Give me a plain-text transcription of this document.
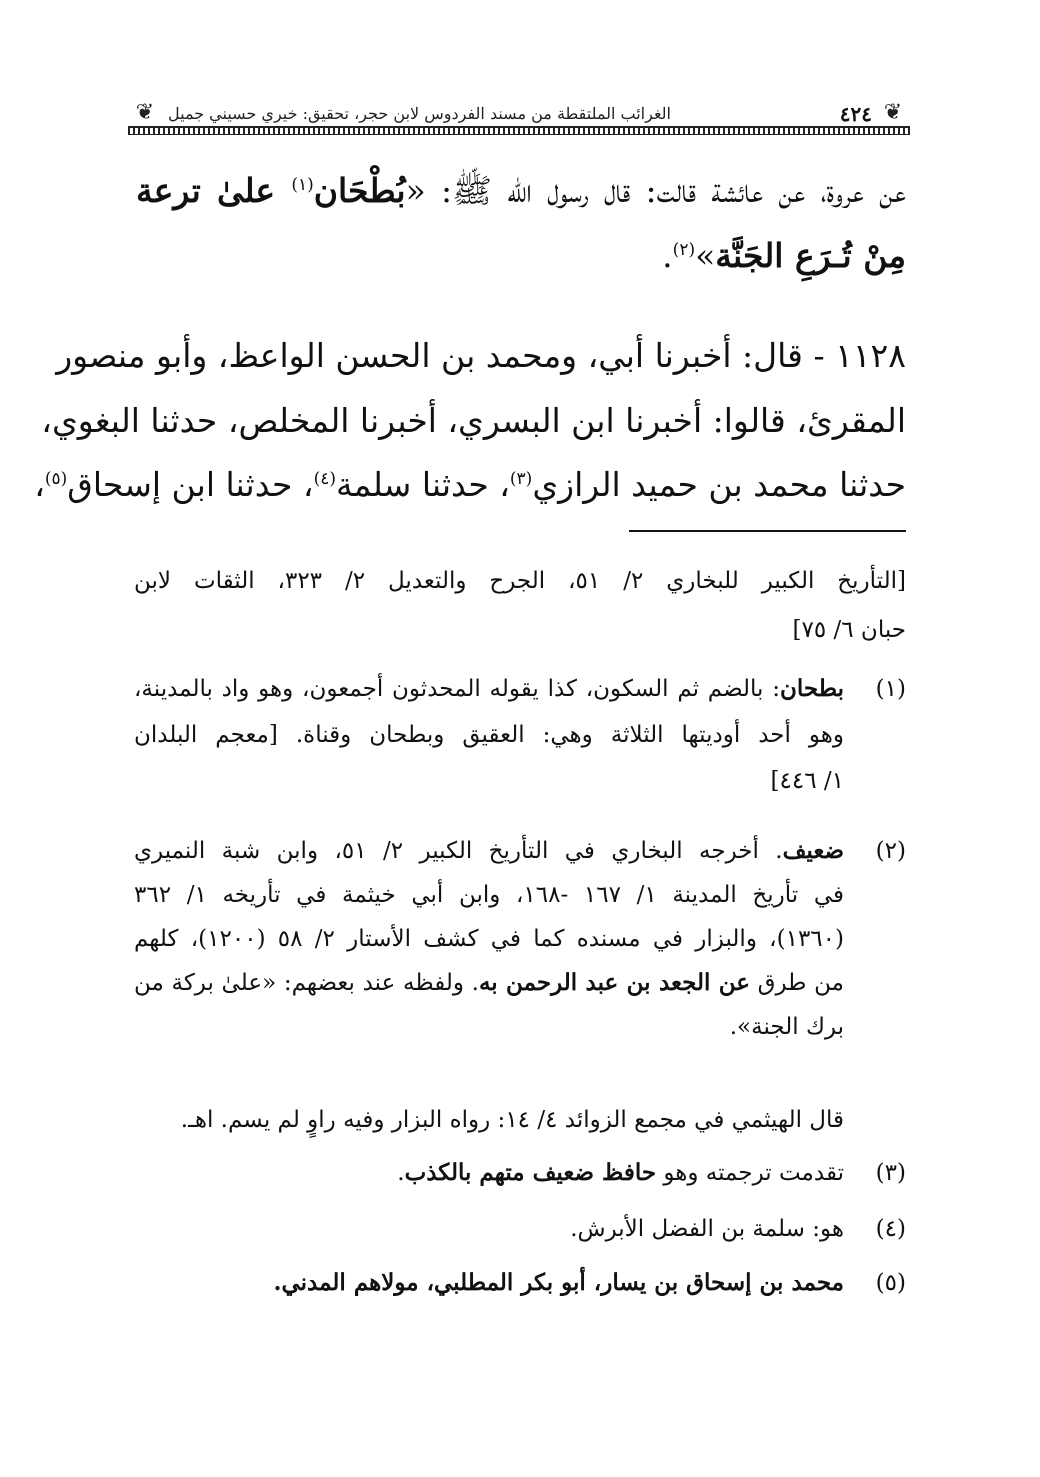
❦
٤٢٤
الغرائب الملتقطة من مسند الفردوس لابن حجر، تحقيق: خيري حسيني جميل
❦
عن عروة، عن عائشة قالت: قال رسول الله ﷺ: «بُطْحَان$^{(١)}$ علىٰ ترعة
مِنْ تُـرَعِ الجَنَّة»$^{(٢)}$.
١١٢٨ - قال: أخبرنا أبي، ومحمد بن الحسن الواعظ، وأبو منصور
المقرئ، قالوا: أخبرنا ابن البسري، أخبرنا المخلص، حدثنا البغوي،
حدثنا محمد بن حميد الرازي$^{(٣)}$، حدثنا سلمة$^{(٤)}$، حدثنا ابن إسحاق$^{(٥)}$،
[التأريخ الكبير للبخاري ٢/ ٥١، الجرح والتعديل ٢/ ٣٢٣، الثقات لابن
حبان ٦/ ٧٥]
(١)
بطحان: بالضم ثم السكون، كذا يقوله المحدثون أجمعون، وهو واد بالمدينة،
وهو أحد أوديتها الثلاثة وهي: العقيق وبطحان وقناة. [معجم البلدان
١/ ٤٤٦]
(٢)
ضعيف. أخرجه البخاري في التأريخ الكبير ٢/ ٥١، وابن شبة النميري
في تأريخ المدينة ١/ ١٦٧ -١٦٨، وابن أبي خيثمة في تأريخه ١/ ٣٦٢
(١٣٦٠)، والبزار في مسنده كما في كشف الأستار ٢/ ٥٨ (١٢٠٠)، كلهم
من طرق عن الجعد بن عبد الرحمن به. ولفظه عند بعضهم: «علىٰ بركة من
برك الجنة».
قال الهيثمي في مجمع الزوائد ٤/ ١٤: رواه البزار وفيه راوٍ لم يسم. اهـ.
(٣)
تقدمت ترجمته وهو حافظ ضعيف متهم بالكذب.
(٤)
هو: سلمة بن الفضل الأبرش.
(٥)
محمد بن إسحاق بن يسار، أبو بكر المطلبي، مولاهم المدني.
